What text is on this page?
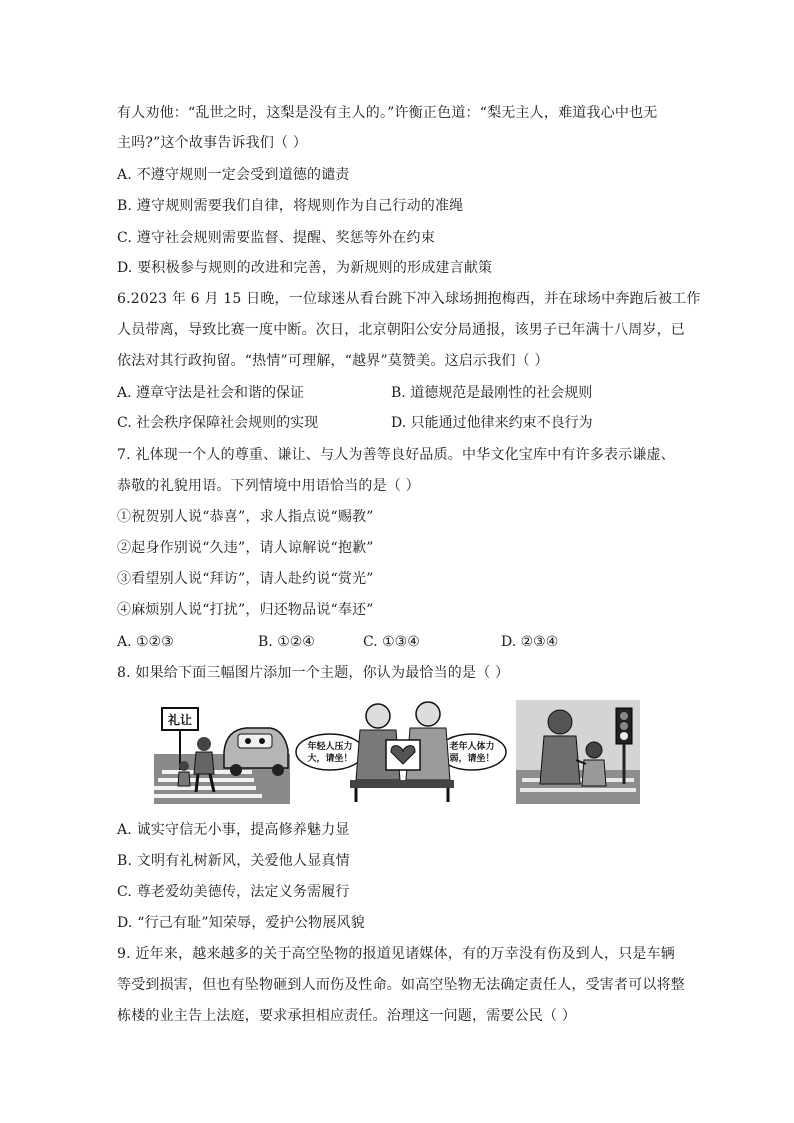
有人劝他：“乱世之时，这梨是没有主人的。”许衡正色道：“梨无主人，难道我心中也无
主吗?”这个故事告诉我们（ ）
A. 不遵守规则一定会受到道德的谴责
B. 遵守规则需要我们自律，将规则作为自己行动的准绳
C. 遵守社会规则需要监督、提醒、奖惩等外在约束
D. 要积极参与规则的改进和完善，为新规则的形成建言献策
6.2023 年 6 月 15 日晚，一位球迷从看台跳下冲入球场拥抱梅西，并在球场中奔跑后被工作
人员带离，导致比赛一度中断。次日，北京朝阳公安分局通报，该男子已年满十八周岁，已
依法对其行政拘留。“热情”可理解，“越界”莫赞美。这启示我们（ ）
A. 遵章守法是社会和谐的保证	B. 道德规范是最刚性的社会规则
C. 社会秩序保障社会规则的实现	D. 只能通过他律来约束不良行为
7. 礼体现一个人的尊重、谦让、与人为善等良好品质。中华文化宝库中有许多表示谦虚、
恭敬的礼貌用语。下列情境中用语恰当的是（ ）
①祝贺别人说“恭喜”，求人指点说“赐教”
②起身作别说“久违”，请人谅解说“抱歉”
③看望别人说“拜访”，请人赴约说“赏光”
④麻烦别人说“打扰”，归还物品说“奉还”
A. ①②③	B. ①②④	C. ①③④	D. ②③④
8. 如果给下面三幅图片添加一个主题，你认为最恰当的是（ ）
礼让
年轻人压力
大，请坐！
老年人体力
弱，请坐！
A. 诚实守信无小事，提高修养魅力显
B. 文明有礼树新风，关爱他人显真情
C. 尊老爱幼美德传，法定义务需履行
D. “行己有耻”知荣辱，爱护公物展风貌
9. 近年来，越来越多的关于高空坠物的报道见诸媒体，有的万幸没有伤及到人，只是车辆
等受到损害，但也有坠物砸到人而伤及性命。如高空坠物无法确定责任人，受害者可以将整
栋楼的业主告上法庭，要求承担相应责任。治理这一问题，需要公民（ ）
